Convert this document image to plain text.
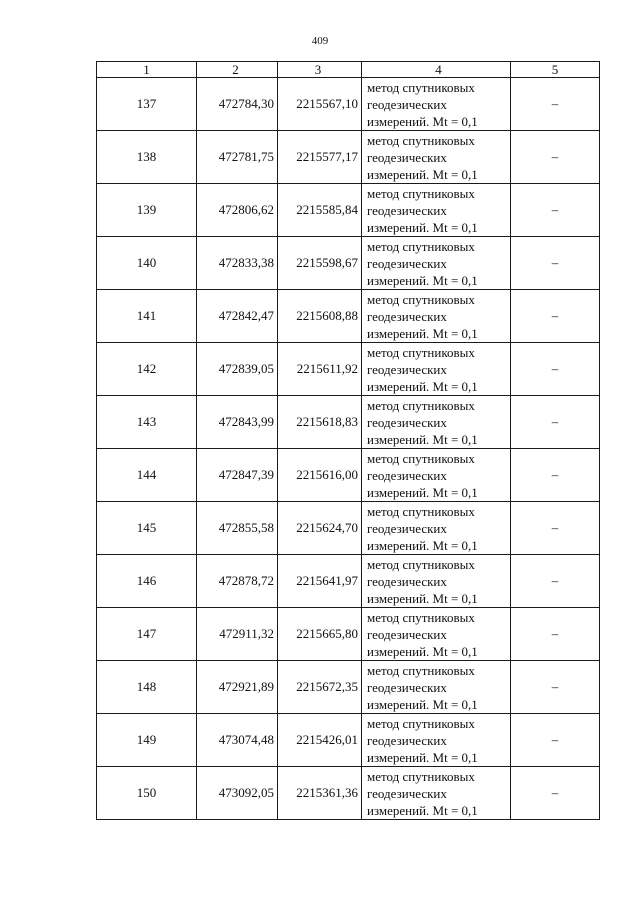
409
1	2	3	4	5
137	472784,30	2215567,10	метод спутниковых
геодезических
измерений. Mt = 0,1	–
138	472781,75	2215577,17	метод спутниковых
геодезических
измерений. Mt = 0,1	–
139	472806,62	2215585,84	метод спутниковых
геодезических
измерений. Mt = 0,1	–
140	472833,38	2215598,67	метод спутниковых
геодезических
измерений. Mt = 0,1	–
141	472842,47	2215608,88	метод спутниковых
геодезических
измерений. Mt = 0,1	–
142	472839,05	2215611,92	метод спутниковых
геодезических
измерений. Mt = 0,1	–
143	472843,99	2215618,83	метод спутниковых
геодезических
измерений. Mt = 0,1	–
144	472847,39	2215616,00	метод спутниковых
геодезических
измерений. Mt = 0,1	–
145	472855,58	2215624,70	метод спутниковых
геодезических
измерений. Mt = 0,1	–
146	472878,72	2215641,97	метод спутниковых
геодезических
измерений. Mt = 0,1	–
147	472911,32	2215665,80	метод спутниковых
геодезических
измерений. Mt = 0,1	–
148	472921,89	2215672,35	метод спутниковых
геодезических
измерений. Mt = 0,1	–
149	473074,48	2215426,01	метод спутниковых
геодезических
измерений. Mt = 0,1	–
150	473092,05	2215361,36	метод спутниковых
геодезических
измерений. Mt = 0,1	–
